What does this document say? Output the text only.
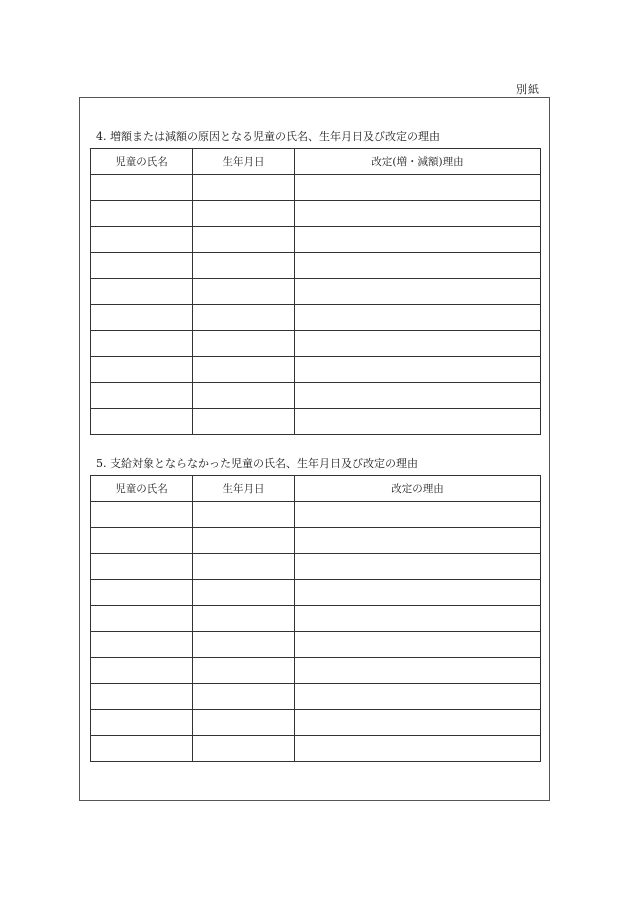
別紙
4. 増額または減額の原因となる児童の氏名、生年月日及び改定の理由
児童の氏名	生年月日	改定(増・減額)理由

5. 支給対象とならなかった児童の氏名、生年月日及び改定の理由
児童の氏名	生年月日	改定の理由
